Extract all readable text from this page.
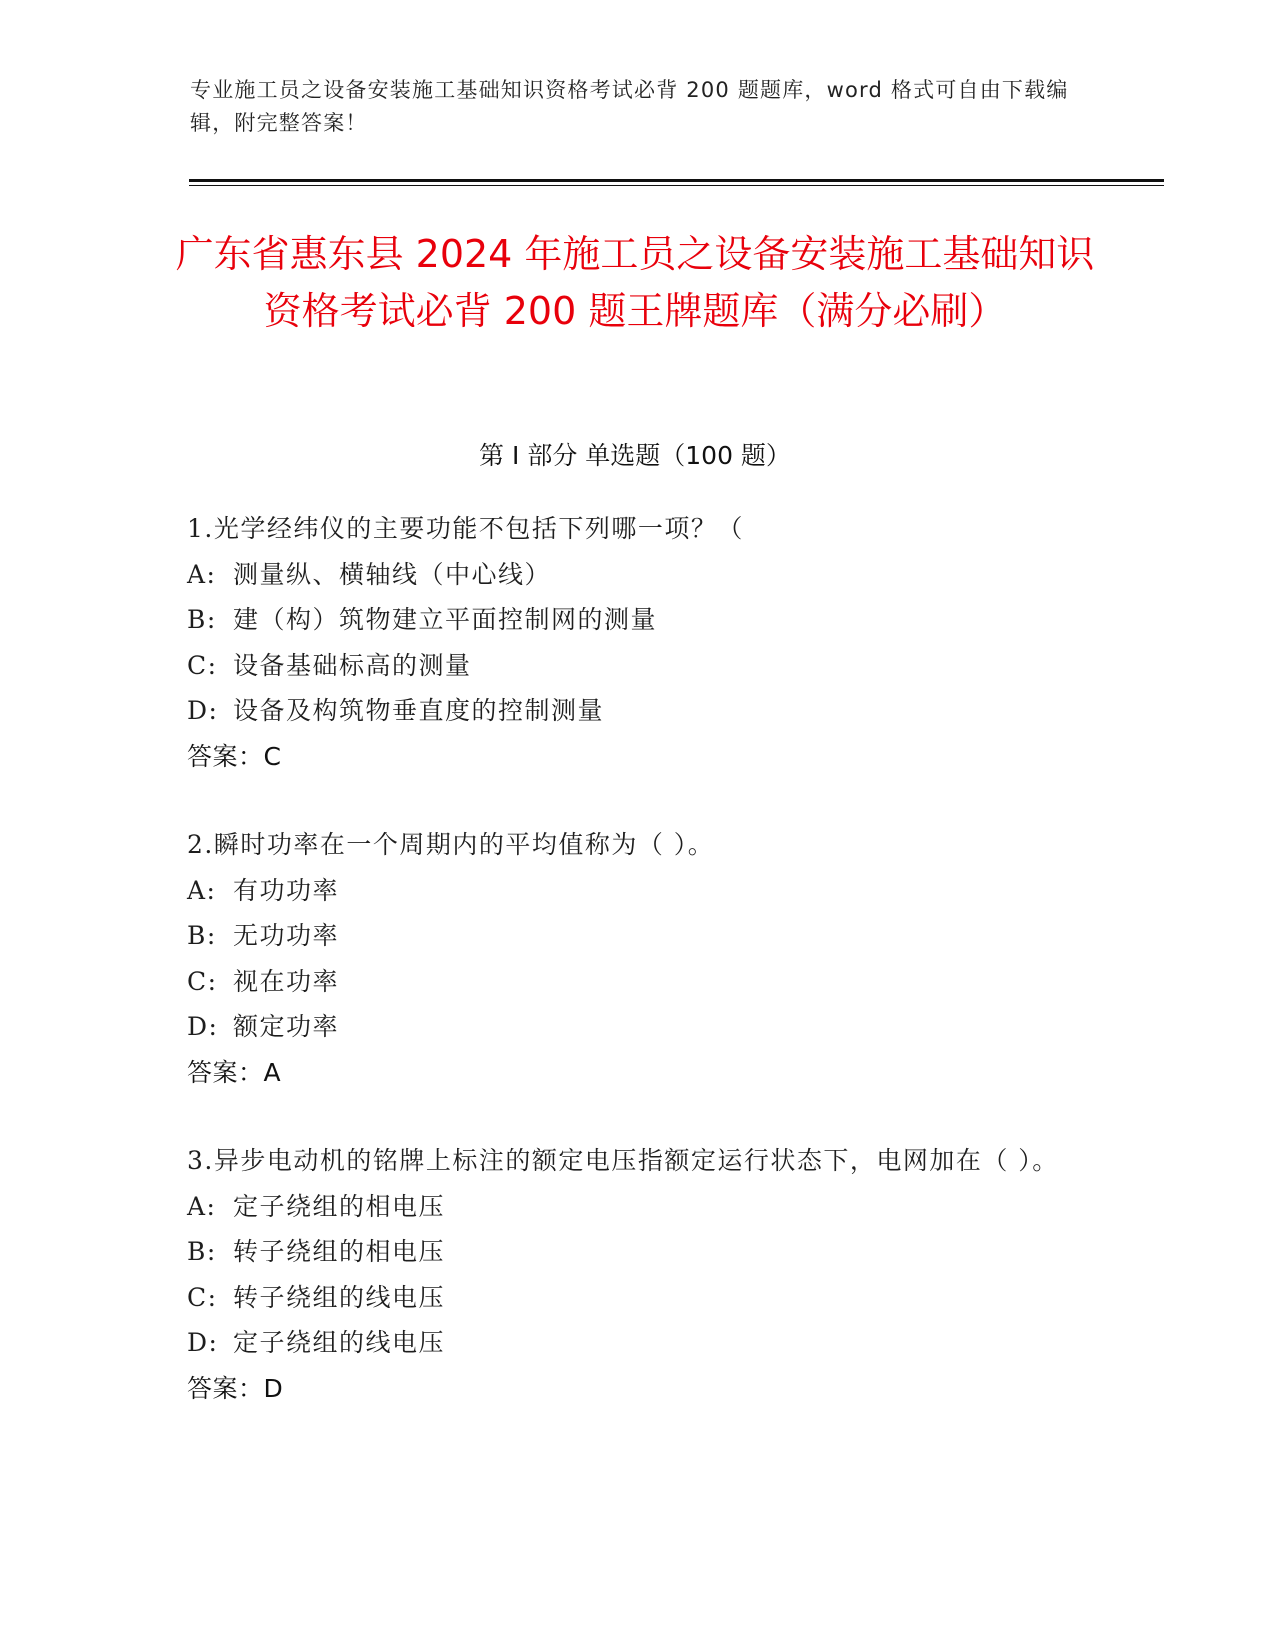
专业施工员之设备安装施工基础知识资格考试必背 200 题题库，word 格式可自由下载编辑，附完整答案！
广东省惠东县 2024 年施工员之设备安装施工基础知识资格考试必背 200 题王牌题库（满分必刷）
第 I 部分 单选题（100 题）
1.光学经纬仪的主要功能不包括下列哪一项？（
A: 测量纵、横轴线（中心线）
B: 建（构）筑物建立平面控制网的测量
C: 设备基础标高的测量
D: 设备及构筑物垂直度的控制测量
答案：C
2.瞬时功率在一个周期内的平均值称为（ ）。
A: 有功功率
B: 无功功率
C: 视在功率
D: 额定功率
答案：A
3.异步电动机的铭牌上标注的额定电压指额定运行状态下，电网加在（ ）。
A: 定子绕组的相电压
B: 转子绕组的相电压
C: 转子绕组的线电压
D: 定子绕组的线电压
答案：D
